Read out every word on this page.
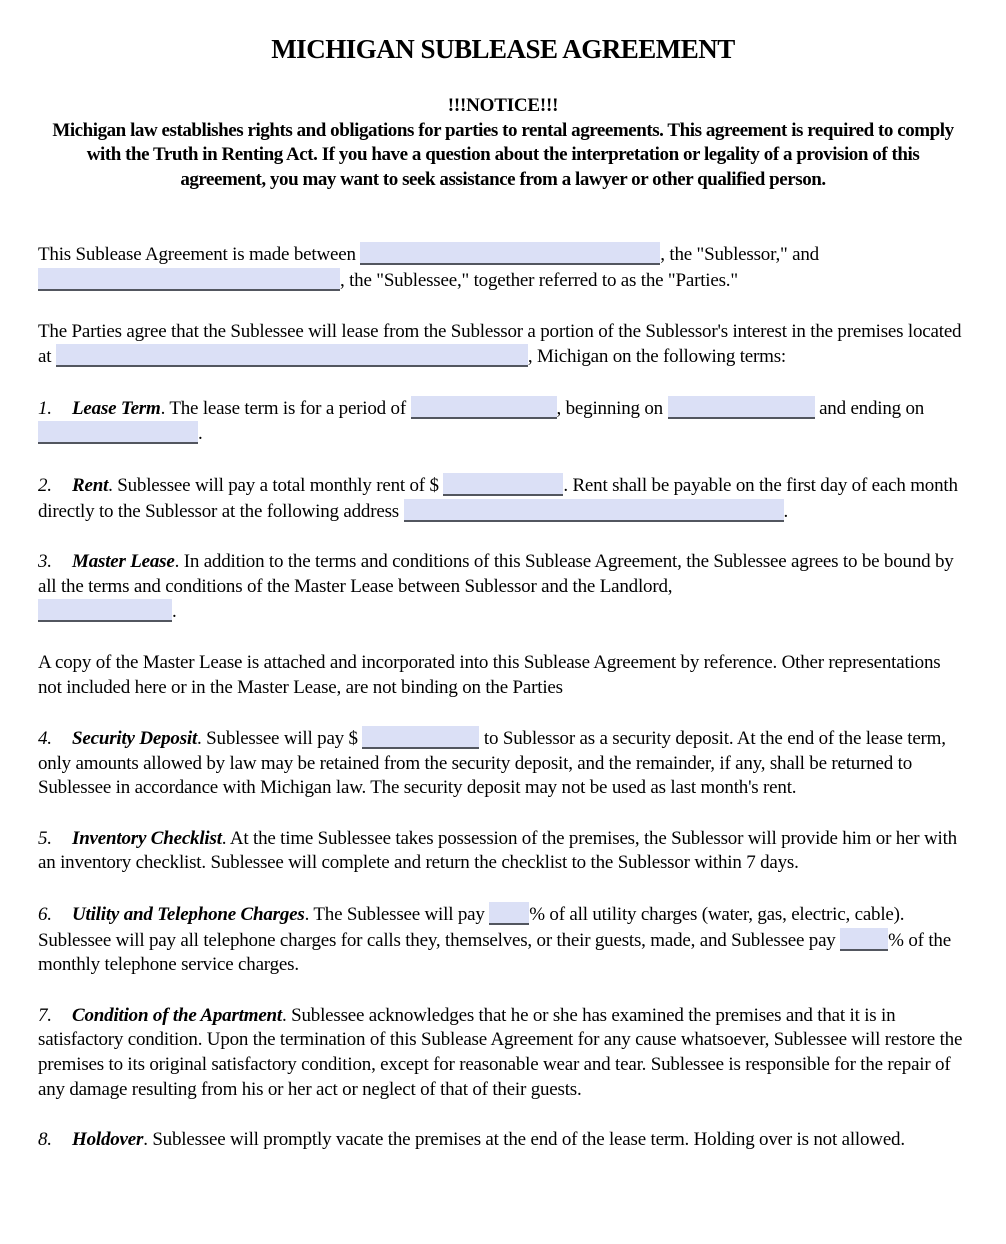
MICHIGAN SUBLEASE AGREEMENT
!!!NOTICE!!!
Michigan law establishes rights and obligations for parties to rental agreements. This agreement is required to comply with the Truth in Renting Act. If you have a question about the interpretation or legality of a provision of this agreement, you may want to seek assistance from a lawyer or other qualified person.

This Sublease Agreement is made between	, the "Sublessor," and , the "Sublessee," together referred to as the "Parties."

The Parties agree that the Sublessee will lease from the Sublessor a portion of the Sublessor's interest in the premises located at	, Michigan on the following terms:

1. Lease Term. The lease term is for a period of	, beginning on	and ending on .

2. Rent. Sublessee will pay a total monthly rent of $	. Rent shall be payable on the first day of each month directly to the Sublessor at the following address	.

3. Master Lease. In addition to the terms and conditions of this Sublease Agreement, the Sublessee agrees to be bound by all the terms and conditions of the Master Lease between Sublessor and the Landlord,
.

A copy of the Master Lease is attached and incorporated into this Sublease Agreement by reference. Other representations not included here or in the Master Lease, are not binding on the Parties

4. Security Deposit. Sublessee will pay $	to Sublessor as a security deposit. At the end of the lease term, only amounts allowed by law may be retained from the security deposit, and the remainder, if any, shall be returned to Sublessee in accordance with Michigan law. The security deposit may not be used as last month's rent.

5. Inventory Checklist. At the time Sublessee takes possession of the premises, the Sublessor will provide him or her with an inventory checklist. Sublessee will complete and return the checklist to the Sublessor within 7 days.

6. Utility and Telephone Charges. The Sublessee will pay % of all utility charges (water, gas, electric, cable). Sublessee will pay all telephone charges for calls they, themselves, or their guests, made, and Sublessee pay	% of the monthly telephone service charges.

7. Condition of the Apartment. Sublessee acknowledges that he or she has examined the premises and that it is in satisfactory condition. Upon the termination of this Sublease Agreement for any cause whatsoever, Sublessee will restore the premises to its original satisfactory condition, except for reasonable wear and tear. Sublessee is responsible for the repair of any damage resulting from his or her act or neglect of that of their guests.

8. Holdover. Sublessee will promptly vacate the premises at the end of the lease term. Holding over is not allowed.
